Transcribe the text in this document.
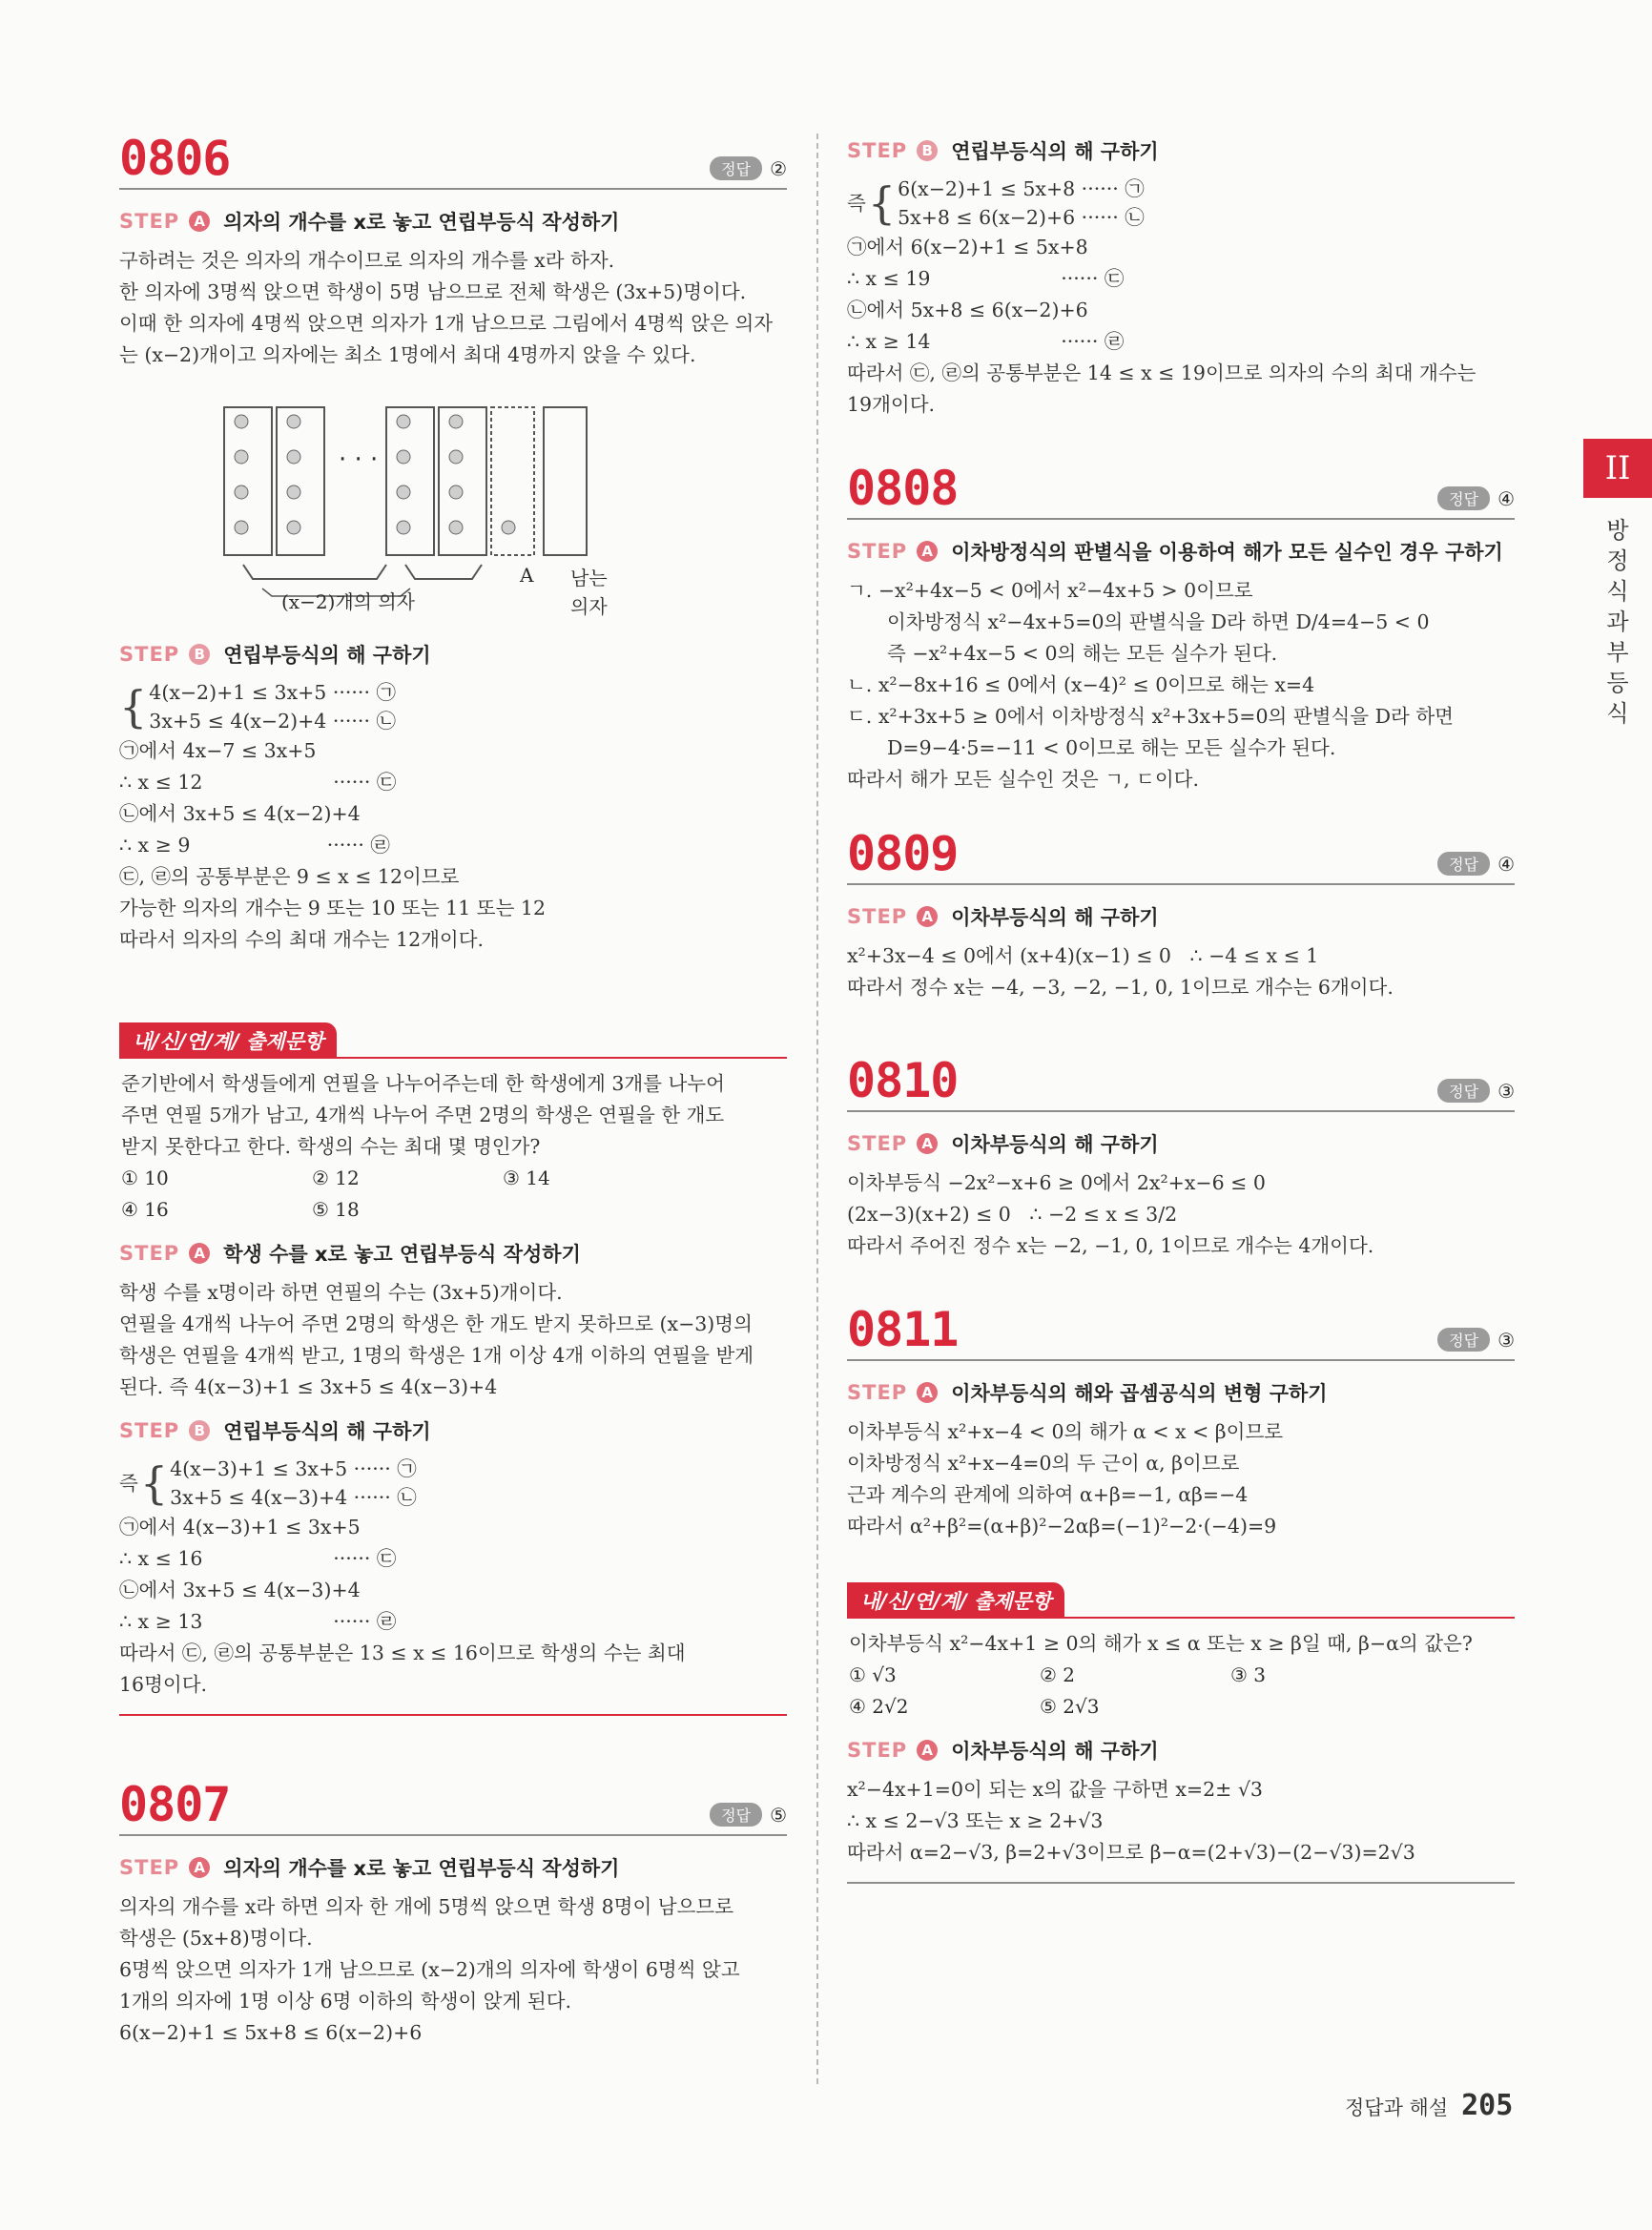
0806	정답	②
STEP	A 의자의 개수를 x로 놓고 연립부등식 작성하기
구하려는 것은 의자의 개수이므로 의자의 개수를 x라 하자.
한 의자에 3명씩 앉으면 학생이 5명 남으므로 전체 학생은 (3x+5)명이다.
이때 한 의자에 4명씩 앉으면 의자가 1개 남으므로 그림에서 4명씩 앉은 의자
는 (x−2)개이고 의자에는 최소 1명에서 최대 4명까지 앉을 수 있다.
· · ·
(x−2)개의 의자
A 남는
의자
STEP	B 연립부등식의 해 구하기
{ 4(x−2)+1 ≤ 3x+5 ······ ㉠
3x+5 ≤ 4(x−2)+4 ······ ㉡
㉠에서 4x−7 ≤ 3x+5
∴ x ≤ 12                     ······ ㉢
㉡에서 3x+5 ≤ 4(x−2)+4
∴ x ≥ 9                      ······ ㉣
㉢, ㉣의 공통부분은 9 ≤ x ≤ 12이므로
가능한 의자의 개수는 9 또는 10 또는 11 또는 12
따라서 의자의 수의 최대 개수는 12개이다.
내/신/연/계/ 출제문항
준기반에서 학생들에게 연필을 나누어주는데 한 학생에게 3개를 나누어
주면 연필 5개가 남고, 4개씩 나누어 주면 2명의 학생은 연필을 한 개도
받지 못한다고 한다. 학생의 수는 최대 몇 명인가?
① 10	② 12	③ 14
④ 16	⑤ 18
STEP	A 학생 수를 x로 놓고 연립부등식 작성하기
학생 수를 x명이라 하면 연필의 수는 (3x+5)개이다.
연필을 4개씩 나누어 주면 2명의 학생은 한 개도 받지 못하므로 (x−3)명의
학생은 연필을 4개씩 받고, 1명의 학생은 1개 이상 4개 이하의 연필을 받게
된다. 즉 4(x−3)+1 ≤ 3x+5 ≤ 4(x−3)+4
STEP	B 연립부등식의 해 구하기
즉 { 4(x−3)+1 ≤ 3x+5 ······ ㉠
3x+5 ≤ 4(x−3)+4 ······ ㉡
㉠에서 4(x−3)+1 ≤ 3x+5
∴ x ≤ 16                     ······ ㉢
㉡에서 3x+5 ≤ 4(x−3)+4
∴ x ≥ 13                     ······ ㉣
따라서 ㉢, ㉣의 공통부분은 13 ≤ x ≤ 16이므로 학생의 수는 최대
16명이다.
0807	정답	⑤
STEP	A 의자의 개수를 x로 놓고 연립부등식 작성하기
의자의 개수를 x라 하면 의자 한 개에 5명씩 앉으면 학생 8명이 남으므로
학생은 (5x+8)명이다.
6명씩 앉으면 의자가 1개 남으므로 (x−2)개의 의자에 학생이 6명씩 앉고
1개의 의자에 1명 이상 6명 이하의 학생이 앉게 된다.
6(x−2)+1 ≤ 5x+8 ≤ 6(x−2)+6
STEP	B 연립부등식의 해 구하기
즉 { 6(x−2)+1 ≤ 5x+8 ······ ㉠
5x+8 ≤ 6(x−2)+6 ······ ㉡
㉠에서 6(x−2)+1 ≤ 5x+8
∴ x ≤ 19                     ······ ㉢
㉡에서 5x+8 ≤ 6(x−2)+6
∴ x ≥ 14                     ······ ㉣
따라서 ㉢, ㉣의 공통부분은 14 ≤ x ≤ 19이므로 의자의 수의 최대 개수는
19개이다.
0808	정답	④
STEP	A 이차방정식의 판별식을 이용하여 해가 모든 실수인 경우 구하기
ㄱ. −x²+4x−5 < 0에서 x²−4x+5 > 0이므로
이차방정식 x²−4x+5=0의 판별식을 D라 하면 D/4=4−5 < 0
즉 −x²+4x−5 < 0의 해는 모든 실수가 된다.
ㄴ. x²−8x+16 ≤ 0에서 (x−4)² ≤ 0이므로 해는 x=4
ㄷ. x²+3x+5 ≥ 0에서 이차방정식 x²+3x+5=0의 판별식을 D라 하면
D=9−4·5=−11 < 0이므로 해는 모든 실수가 된다.
따라서 해가 모든 실수인 것은 ㄱ, ㄷ이다.
0809	정답	④
STEP	A 이차부등식의 해 구하기
x²+3x−4 ≤ 0에서 (x+4)(x−1) ≤ 0   ∴ −4 ≤ x ≤ 1
따라서 정수 x는 −4, −3, −2, −1, 0, 1이므로 개수는 6개이다.
0810	정답	③
STEP	A 이차부등식의 해 구하기
이차부등식 −2x²−x+6 ≥ 0에서 2x²+x−6 ≤ 0
(2x−3)(x+2) ≤ 0   ∴ −2 ≤ x ≤ 3/2
따라서 주어진 정수 x는 −2, −1, 0, 1이므로 개수는 4개이다.
0811	정답	③
STEP	A 이차부등식의 해와 곱셈공식의 변형 구하기
이차부등식 x²+x−4 < 0의 해가 α < x < β이므로
이차방정식 x²+x−4=0의 두 근이 α, β이므로
근과 계수의 관계에 의하여 α+β=−1, αβ=−4
따라서 α²+β²=(α+β)²−2αβ=(−1)²−2·(−4)=9
내/신/연/계/ 출제문항
이차부등식 x²−4x+1 ≥ 0의 해가 x ≤ α 또는 x ≥ β일 때, β−α의 값은?
① √3	② 2	③ 3
④ 2√2	⑤ 2√3
STEP	A 이차부등식의 해 구하기
x²−4x+1=0이 되는 x의 값을 구하면 x=2± √3
∴ x ≤ 2−√3 또는 x ≥ 2+√3
따라서 α=2−√3, β=2+√3이므로 β−α=(2+√3)−(2−√3)=2√3
II
방정식과 부등식
정답과 해설 205
